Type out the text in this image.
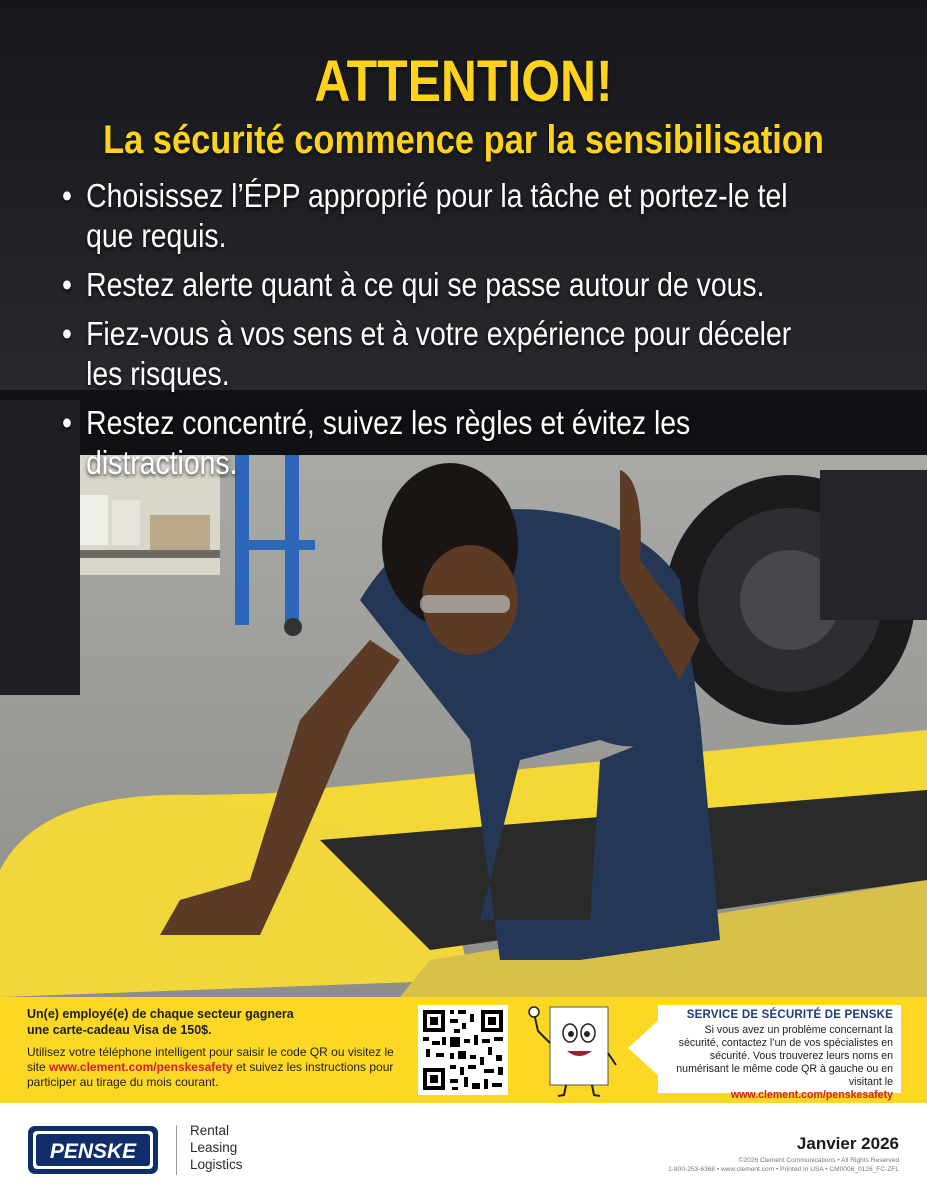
ATTENTION!
La sécurité commence par la sensibilisation
• Choisissez l’ÉPP approprié pour la tâche et portez-le tel
que requis.
• Restez alerte quant à ce qui se passe autour de vous.
• Fiez-vous à vos sens et à votre expérience pour déceler
les risques.
• Restez concentré, suivez les règles et évitez les distractions.
Un(e) employé(e) de chaque secteur gagnera
une carte-cadeau Visa de 150$.
Utilisez votre téléphone intelligent pour saisir le code QR ou visitez le site www.clement.com/penskesafety et suivez les instructions pour participer au tirage du mois courant.
SERVICE DE SÉCURITÉ DE PENSKE
Si vous avez un problème concernant la sécurité, contactez l’un de vos spécialistes en sécurité. Vous trouverez leurs noms en numérisant le même code QR à gauche ou en visitant le
www.clement.com/penskesafety
PENSKE
Rental
Leasing
Logistics
Janvier 2026
©2026 Clement Communications • All Rights Reserved
1-800-253-6368 • www.clement.com • Printed In USA • CM0006_0126_FC-ZFL
